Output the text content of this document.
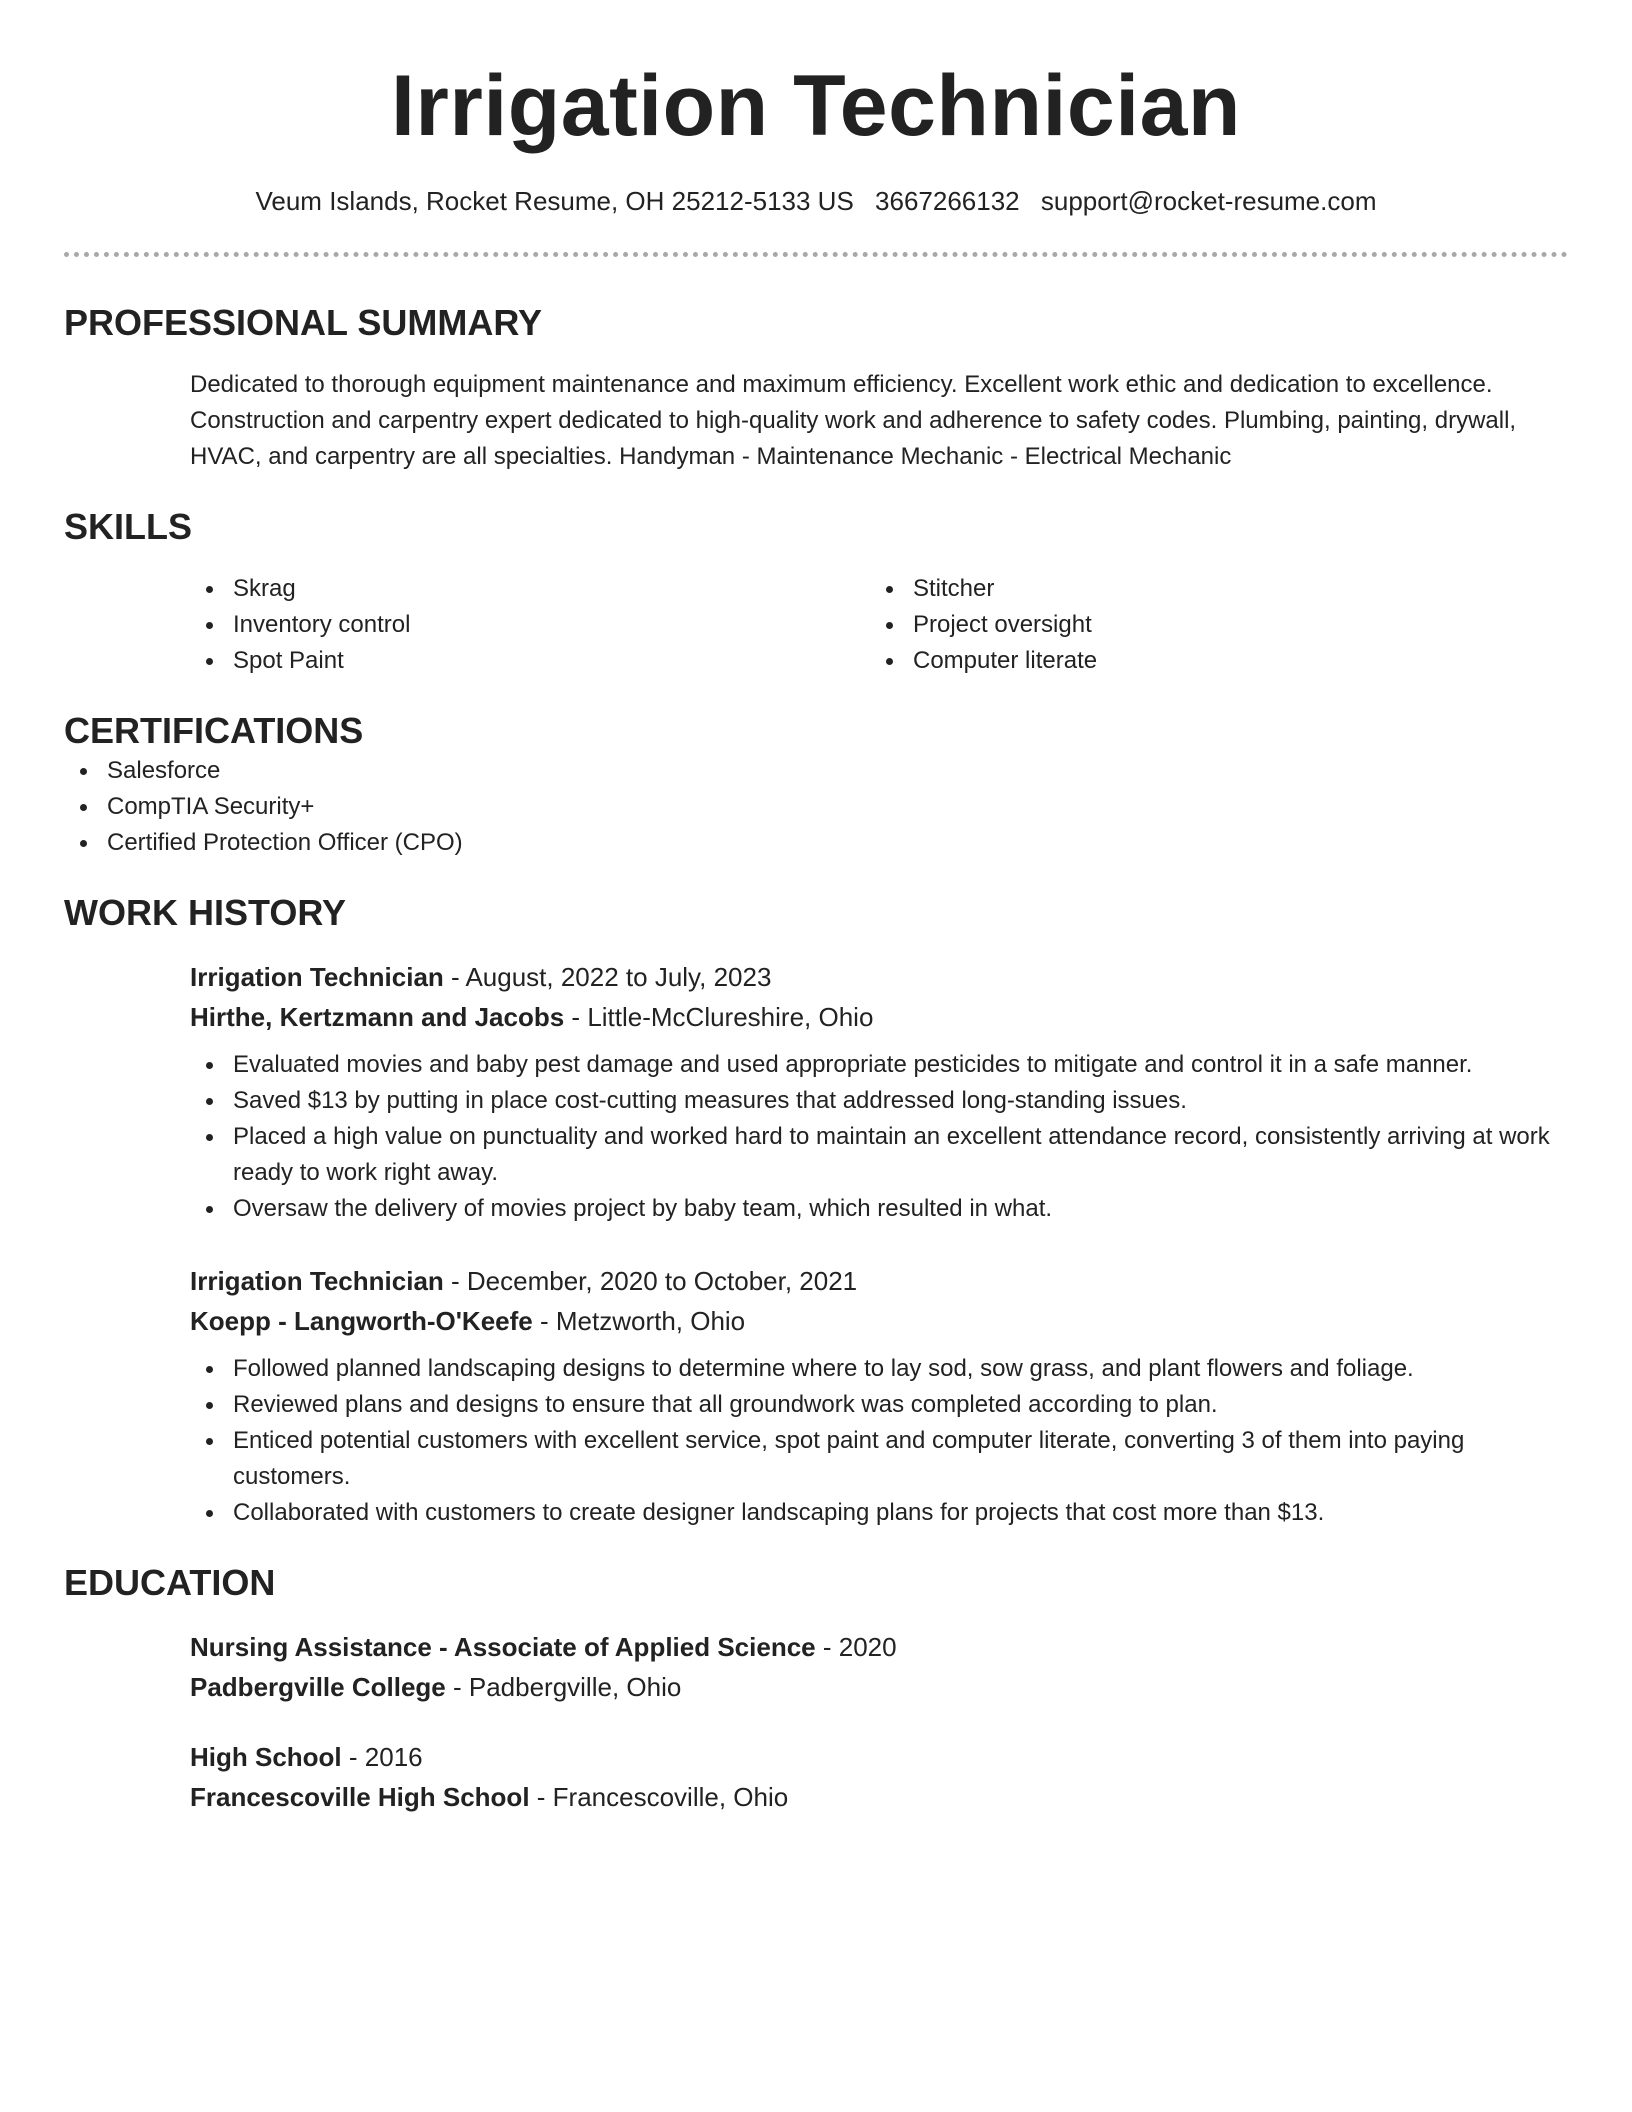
Irrigation Technician
Veum Islands, Rocket Resume, OH 25212-5133 US 3667266132 support@rocket-resume.com
PROFESSIONAL SUMMARY

Dedicated to thorough equipment maintenance and maximum efficiency. Excellent work ethic and dedication to excellence. Construction and carpentry expert dedicated to high-quality work and adherence to safety codes. Plumbing, painting, drywall, HVAC, and carpentry are all specialties. Handyman - Maintenance Mechanic - Electrical Mechanic

SKILLS
Skrag
Inventory control
Spot Paint
Stitcher
Project oversight
Computer literate
CERTIFICATIONS
Salesforce
CompTIA Security+
Certified Protection Officer (CPO)
WORK HISTORY
Irrigation Technician - August, 2022 to July, 2023
Hirthe, Kertzmann and Jacobs - Little-McClureshire, Ohio
Evaluated movies and baby pest damage and used appropriate pesticides to mitigate and control it in a safe manner.
Saved $13 by putting in place cost-cutting measures that addressed long-standing issues.
Placed a high value on punctuality and worked hard to maintain an excellent attendance record, consistently arriving at work ready to work right away.
Oversaw the delivery of movies project by baby team, which resulted in what.
Irrigation Technician - December, 2020 to October, 2021
Koepp - Langworth-O'Keefe - Metzworth, Ohio
Followed planned landscaping designs to determine where to lay sod, sow grass, and plant flowers and foliage.
Reviewed plans and designs to ensure that all groundwork was completed according to plan.
Enticed potential customers with excellent service, spot paint and computer literate, converting 3 of them into paying customers.
Collaborated with customers to create designer landscaping plans for projects that cost more than $13.
EDUCATION
Nursing Assistance - Associate of Applied Science - 2020
Padbergville College - Padbergville, Ohio
High School - 2016
Francescoville High School - Francescoville, Ohio
